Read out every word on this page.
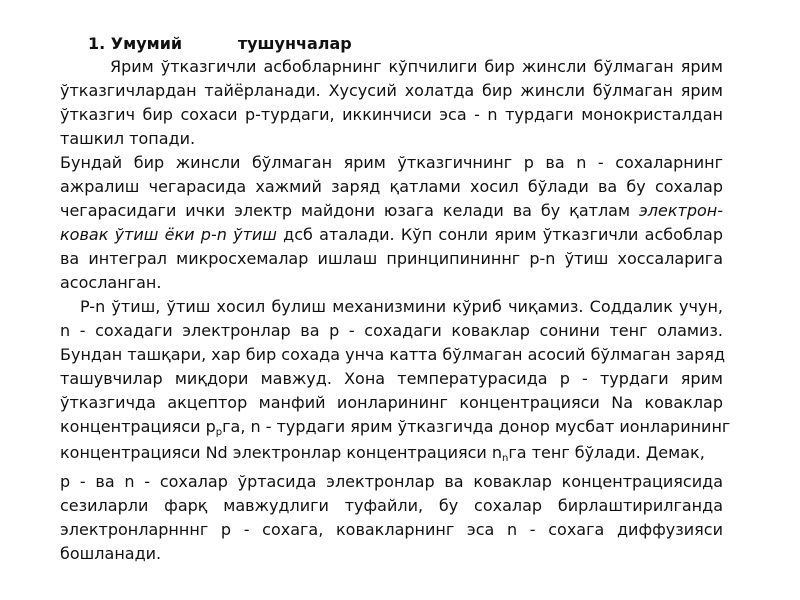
1. Умумий          тушунчалар
Ярим ўтказгичли асбобларнинг кўпчилиги бир жинсли бўлмаган ярим
ўтказгичлардан тайёрланади. Хусусий холатда бир жинсли бўлмаган ярим
ўтказгич бир сохаси р-турдаги, иккинчиси эса - n турдаги монокристалдан
ташкил топади.
Бундай бир жинсли бўлмаган ярим ўтказгичнинг р ва n - сохаларнинг
ажралиш чегарасида хажмий заряд қатлами хосил бўлади ва бу сохалар
чегарасидаги ички электр майдони юзага келади ва бу қатлам электрон-
ковак ўтиш ёки р-n ўтиш дсб аталади. Кўп сонли ярим ўтказгичли асбоблар
ва интеграл микросхемалар ишлаш принципининнг р-n ўтиш хоссаларига
асосланган.
P-n ўтиш, ўтиш хосил булиш механизмини кўриб чиқамиз. Соддалик учун,
n - сохадаги электронлар ва р - сохадаги коваклар сонини тенг оламиз.
Бундан ташқари, хар бир сохада унча катта бўлмаган асосий бўлмаган заряд
ташувчилар миқдори мавжуд. Хона температурасида р - турдаги ярим
ўтказгичда акцептор манфий ионларининг концентрацияси Na коваклар
концентрацияси $р_рга$, n - турдаги ярим ўтказгичда донор мусбат ионларининг
концентрацияси Nd электронлар концентрацияси $n_nга$ тенг бўлади. Демак,
р - ва n - сохалар ўртасида электронлар ва коваклар концентрациясида
сезиларли фарқ мавжудлиги туфайли, бу сохалар бирлаштирилганда
электронларнннг р - сохага, ковакларнинг эса n - сохага диффузияси
бошланади.
